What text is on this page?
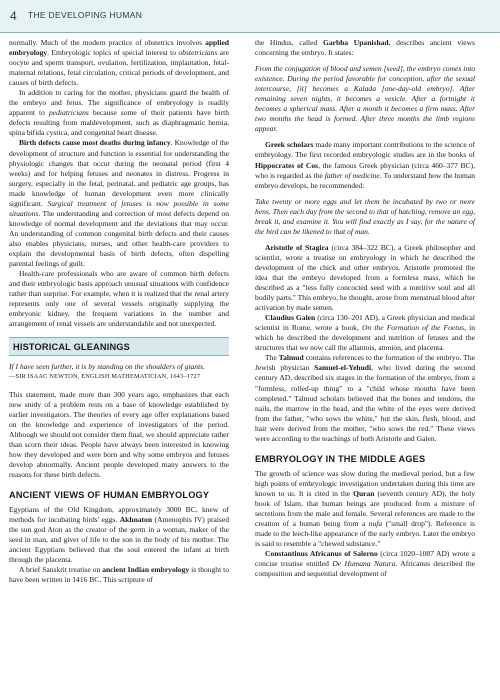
4 THE DEVELOPING HUMAN

normally. Much of the modern practice of obstetrics involves applied embryology. Embryologic topics of special interest to obstetricians are oocyte and sperm transport, ovulation, fertilization, implantation, fetal-maternal relations, fetal circulation, critical periods of development, and causes of birth defects.

In addition to caring for the mother, physicians guard the health of the embryo and fetus. The significance of embryology is readily apparent to pediatricians because some of their patients have birth defects resulting from maldevelopment, such as diaphragmatic hernia, spina bifida cystica, and congenital heart disease.

Birth defects cause most deaths during infancy. Knowledge of the development of structure and function is essential for understanding the physiologic changes that occur during the neonatal period (first 4 weeks) and for helping fetuses and neonates in distress. Progress in surgery, especially in the fetal, perinatal, and pediatric age groups, has made knowledge of human development even more clinically significant. Surgical treatment of fetuses is now possible in some situations. The understanding and correction of most defects depend on knowledge of normal development and the deviations that may occur. An understanding of common congenital birth defects and their causes also enables physicians, nurses, and other health-care providers to explain the developmental basis of birth defects, often dispelling parental feelings of guilt.

Health-care professionals who are aware of common birth defects and their embryologic basis approach unusual situations with confidence rather than surprise. For example, when it is realized that the renal artery represents only one of several vessels originally supplying the embryonic kidney, the frequent variations in the number and arrangement of renal vessels are understandable and not unexpected.

HISTORICAL GLEANINGS

If I have seen further, it is by standing on the shoulders of giants.

—SIR ISAAC NEWTON, ENGLISH MATHEMATICIAN, 1643–1727

This statement, made more than 300 years ago, emphasizes that each new study of a problem rests on a base of knowledge established by earlier investigators. The theories of every age offer explanations based on the knowledge and experience of investigators of the period. Although we should not consider them final, we should appreciate rather than scorn their ideas. People have always been interested in knowing how they developed and were born and why some embryos and fetuses develop abnormally. Ancient people developed many answers to the reasons for these birth defects.

ANCIENT VIEWS OF HUMAN EMBRYOLOGY

Egyptians of the Old Kingdom, approximately 3000 BC, knew of methods for incubating birds' eggs. Akhnaton (Amenophis IV) praised the sun god Aton as the creator of the germ in a woman, maker of the seed in man, and giver of life to the son in the body of his mother. The ancient Egyptians believed that the soul entered the infant at birth through the placenta.

A brief Sanskrit treatise on ancient Indian embryology is thought to have been written in 1416 BC. This scripture of

the Hindus, called Garbha Upanishad, describes ancient views concerning the embryo. It states:

From the conjugation of blood and semen [seed], the embryo comes into existence. During the period favorable for conception, after the sexual intercourse, [it] becomes a Kalada [one-day-old embryo]. After remaining seven nights, it becomes a vesicle. After a fortnight it becomes a spherical mass. After a month it becomes a firm mass. After two months the head is formed. After three months the limb regions appear.

Greek scholars made many important contributions to the science of embryology. The first recorded embryologic studies are in the books of Hippocrates of Cos, the famous Greek physician (circa 460–377 BC), who is regarded as the father of medicine. To understand how the human embryo develops, he recommended:

Take twenty or more eggs and let them be incubated by two or more hens. Then each day from the second to that of hatching, remove an egg, break it, and examine it. You will find exactly as I say, for the nature of the bird can be likened to that of man.

Aristotle of Stagira (circa 384–322 BC), a Greek philosopher and scientist, wrote a treatise on embryology in which he described the development of the chick and other embryos. Aristotle promoted the idea that the embryo developed from a formless mass, which he described as a "less fully concocted seed with a nutritive soul and all bodily parts." This embryo, he thought, arose from menstrual blood after activation by male semen.

Claudius Galen (circa 130–201 AD), a Greek physician and medical scientist in Rome, wrote a book, On the Formation of the Foetus, in which he described the development and nutrition of fetuses and the structures that we now call the allantois, amnion, and placenta.

The Talmud contains references to the formation of the embryo. The Jewish physician Samuel-el-Yehudi, who lived during the second century AD, described six stages in the formation of the embryo, from a "formless, rolled-up thing" to a "child whose months have been completed." Talmud scholars believed that the bones and tendons, the nails, the marrow in the head, and the white of the eyes were derived from the father, "who sows the white," but the skin, flesh, blood, and hair were derived from the mother, "who sows the red." These views were according to the teachings of both Aristotle and Galen.

EMBRYOLOGY IN THE MIDDLE AGES

The growth of science was slow during the medieval period, but a few high points of embryologic investigation undertaken during this time are known to us. It is cited in the Quran (seventh century AD), the holy book of Islam, that human beings are produced from a mixture of secretions from the male and female. Several references are made to the creation of a human being from a nufa ("small drop"). Reference is made to the leech-like appearance of the early embryo. Later the embryo is said to resemble a "chewed substance."

Constantinus Africanus of Salerno (circa 1020–1087 AD) wrote a concise treatise entitled De Humana Natura. Africanus described the composition and sequential development of
